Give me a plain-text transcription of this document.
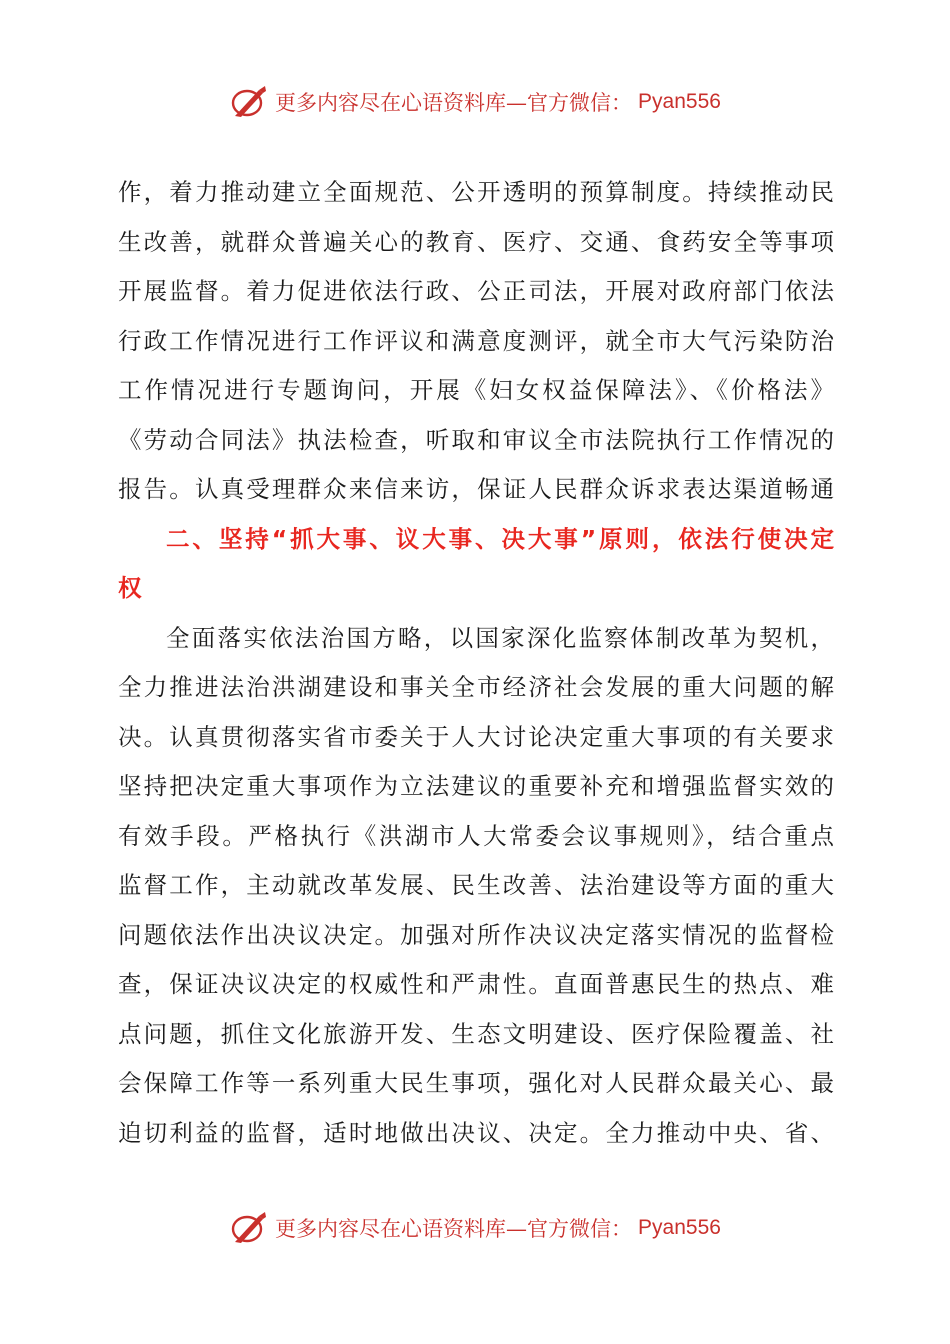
更多内容尽在心语资料库—官方微信： Pyan556
作，着力推动建立全面规范、公开透明的预算制度。持续推动民
生改善，就群众普遍关心的教育、医疗、交通、食药安全等事项
开展监督。着力促进依法行政、公正司法，开展对政府部门依法
行政工作情况进行工作评议和满意度测评，就全市大气污染防治
工作情况进行专题询问，开展《妇女权益保障法》、《价格法》
《劳动合同法》执法检查，听取和审议全市法院执行工作情况的
报告。认真受理群众来信来访，保证人民群众诉求表达渠道畅通
二、坚持“抓大事、议大事、决大事”原则，依法行使决定
权
全面落实依法治国方略，以国家深化监察体制改革为契机，
全力推进法治洪湖建设和事关全市经济社会发展的重大问题的解
决。认真贯彻落实省市委关于人大讨论决定重大事项的有关要求
坚持把决定重大事项作为立法建议的重要补充和增强监督实效的
有效手段。严格执行《洪湖市人大常委会议事规则》，结合重点
监督工作，主动就改革发展、民生改善、法治建设等方面的重大
问题依法作出决议决定。加强对所作决议决定落实情况的监督检
查，保证决议决定的权威性和严肃性。直面普惠民生的热点、难
点问题，抓住文化旅游开发、生态文明建设、医疗保险覆盖、社
会保障工作等一系列重大民生事项，强化对人民群众最关心、最
迫切利益的监督，适时地做出决议、决定。全力推动中央、省、
更多内容尽在心语资料库—官方微信： Pyan556
